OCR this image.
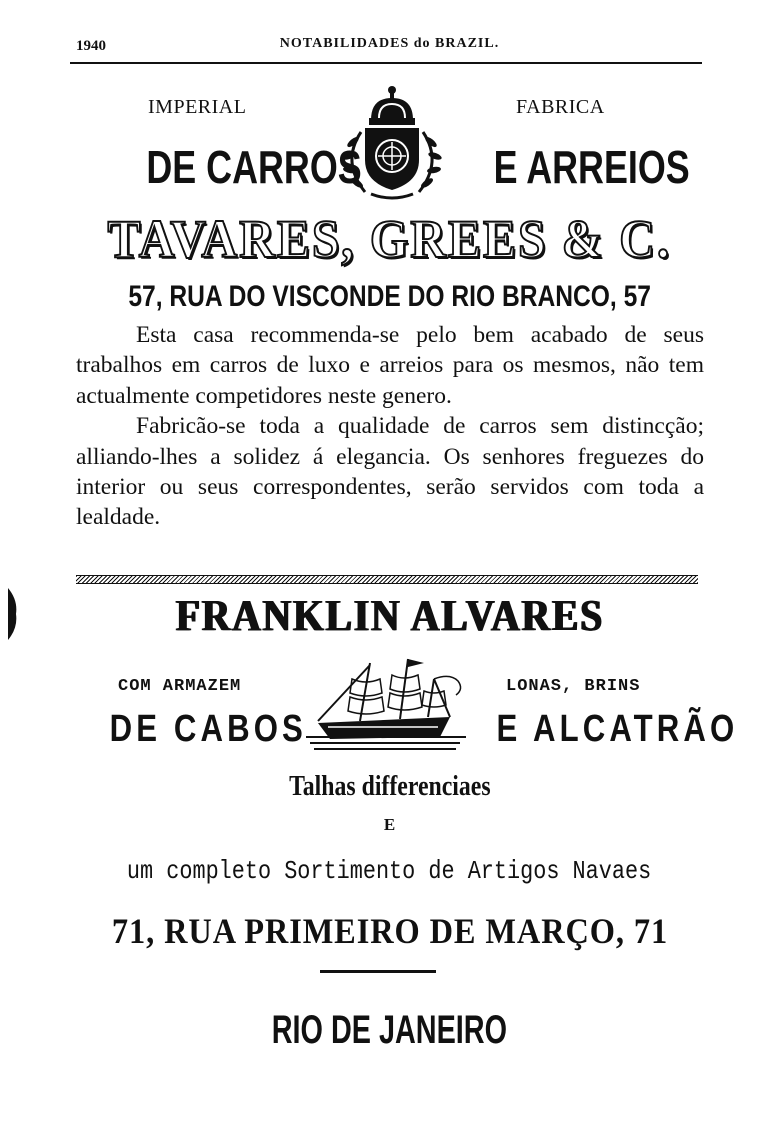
1940	NOTABILIDADES do BRAZIL.
IMPERIAL	FABRICA
DE CARROS	E ARREIOS
TAVARES, GREES & C.
57, RUA DO VISCONDE DO RIO BRANCO, 57

Esta casa recommenda-se pelo bem acabado de seus trabalhos em carros de luxo e arreios para os mesmos, não tem actualmente competidores neste genero.

Fabricão-se toda a qualidade de carros sem distincção; alliando-lhes a solidez á elegancia. Os senhores freguezes do interior ou seus correspondentes, serão servidos com toda a lealdade.

FRANKLIN ALVARES
COM ARMAZEM	LONAS, BRINS
DE CABOS	E ALCATRÃO
Talhas differenciaes
E
um completo Sortimento de Artigos Navaes
71, RUA PRIMEIRO DE MARÇO, 71
RIO DE JANEIRO
